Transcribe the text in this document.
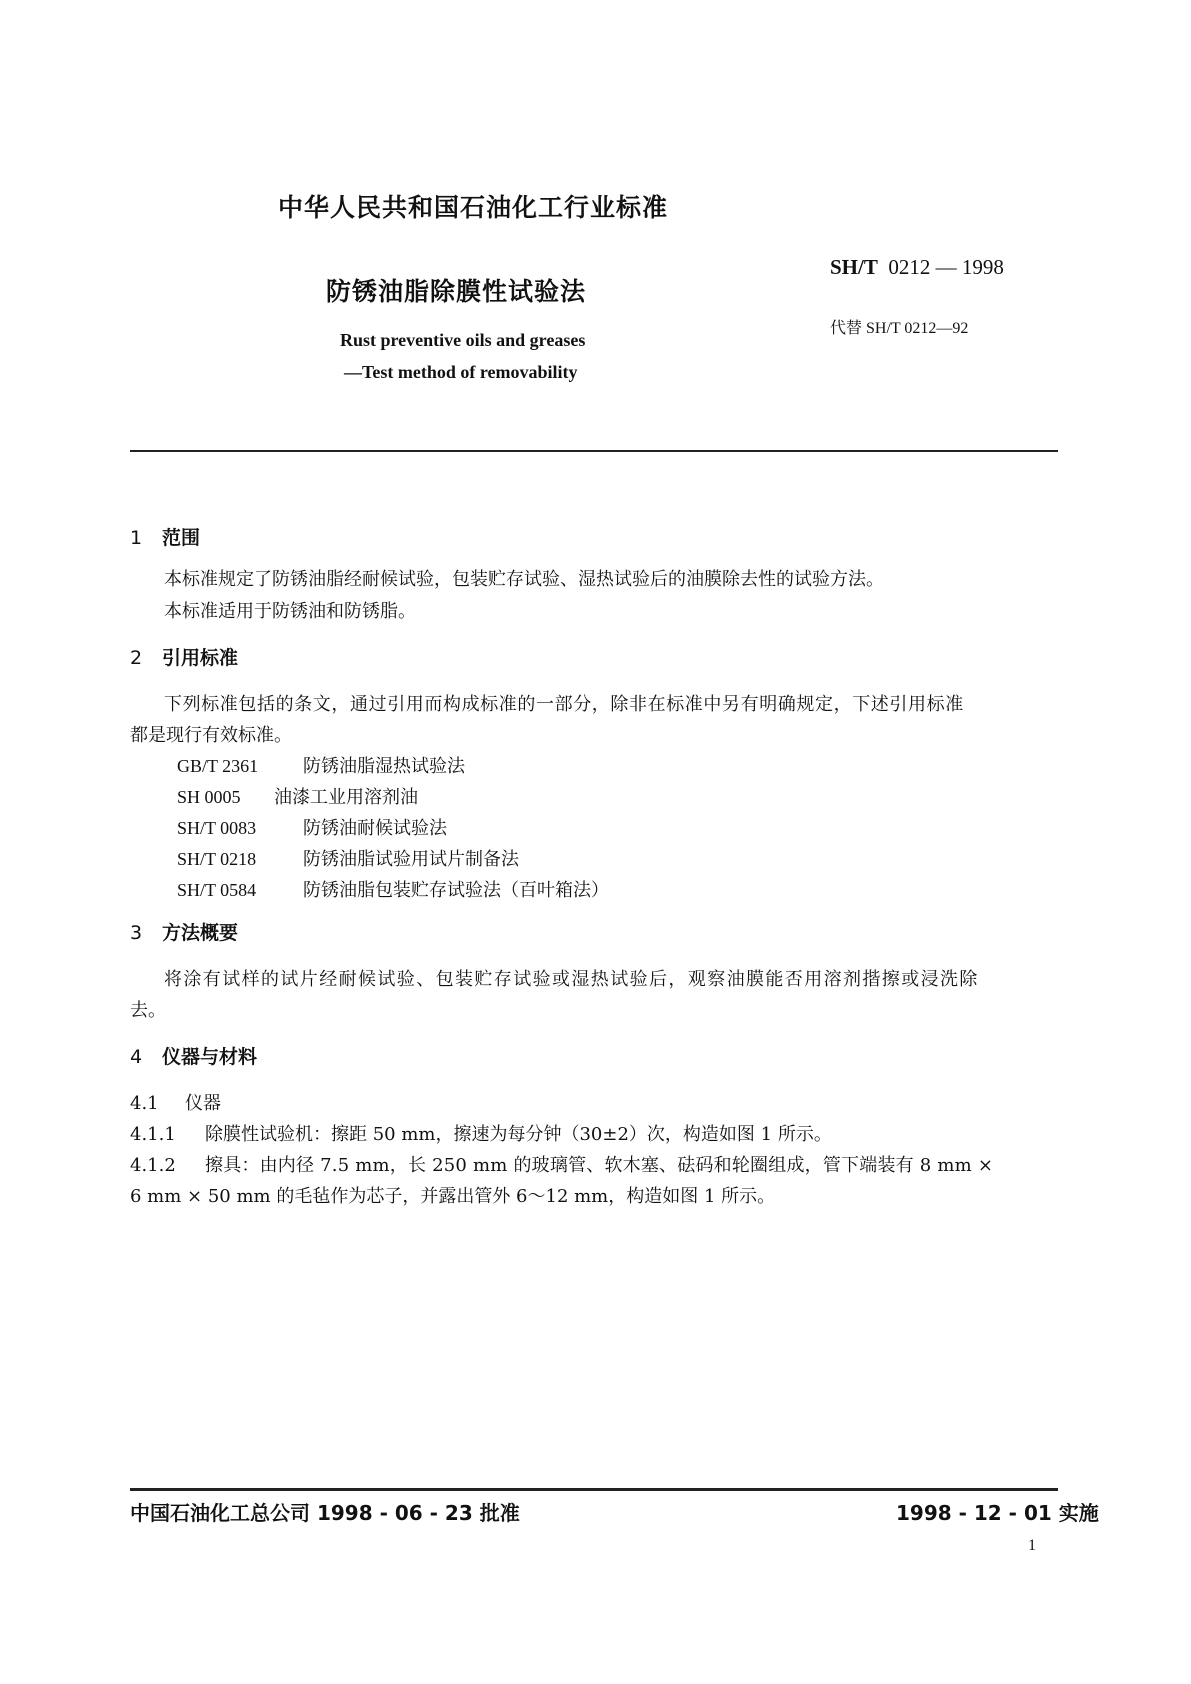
中华人民共和国石油化工行业标准
防锈油脂除膜性试验法
SH/T 0212 — 1998
代替 SH/T 0212—92
Rust preventive oils and greases
—Test method of removability
1 范围
本标准规定了防锈油脂经耐候试验，包装贮存试验、湿热试验后的油膜除去性的试验方法。
本标准适用于防锈油和防锈脂。
2 引用标准
下列标准包括的条文，通过引用而构成标准的一部分，除非在标准中另有明确规定，下述引用标准
都是现行有效标准。
GB/T 2361 防锈油脂湿热试验法
SH 0005 油漆工业用溶剂油
SH/T 0083	防锈油耐候试验法
SH/T 0218	防锈油脂试验用试片制备法
SH/T 0584	防锈油脂包装贮存试验法（百叶箱法）
3 方法概要
将涂有试样的试片经耐候试验、包装贮存试验或湿热试验后，观察油膜能否用溶剂揩擦或浸洗除
去。
4 仪器与材料
4.1 仪器
4.1.1 除膜性试验机：擦距 50 mm，擦速为每分钟（30±2）次，构造如图 1 所示。
4.1.2 擦具：由内径 7.5 mm，长 250 mm 的玻璃管、软木塞、砝码和轮圈组成，管下端装有 8 mm ×
6 mm × 50 mm 的毛毡作为芯子，并露出管外 6～12 mm，构造如图 1 所示。
中国石油化工总公司 1998 - 06 - 23 批准	1998 - 12 - 01 实施
1
